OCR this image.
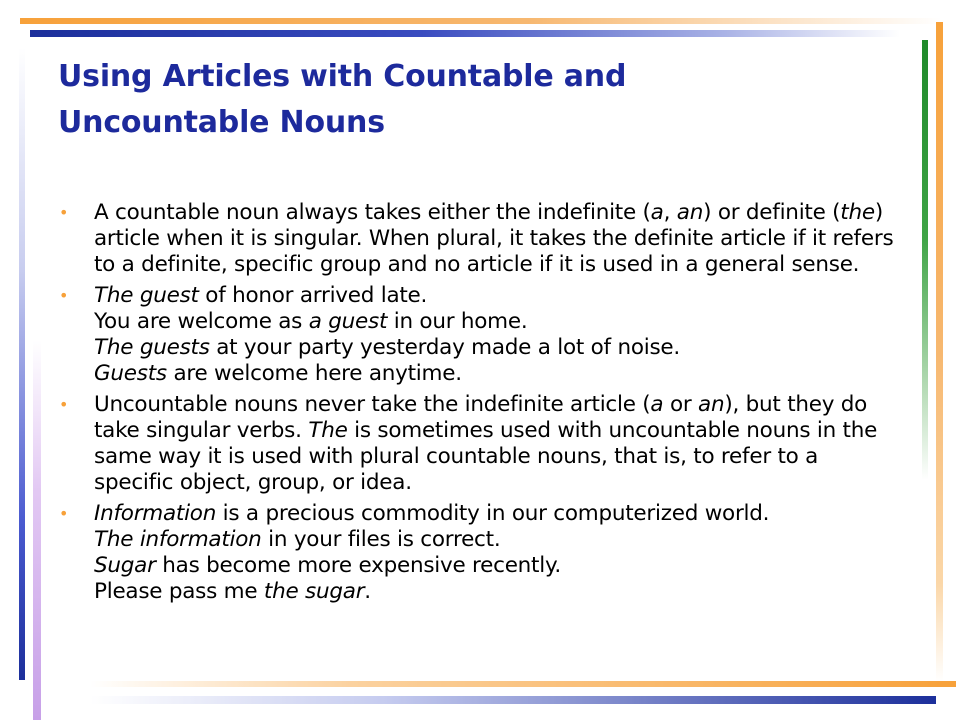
Using Articles with Countable and
Uncountable Nouns
• A countable noun always takes either the indefinite (a, an) or definite (the) article when it is singular. When plural, it takes the definite article if it refers to a definite, specific group and no article if it is used in a general sense.
• The guest of honor arrived late.
You are welcome as a guest in our home.
The guests at your party yesterday made a lot of noise.
Guests are welcome here anytime.
• Uncountable nouns never take the indefinite article (a or an), but they do take singular verbs. The is sometimes used with uncountable nouns in the same way it is used with plural countable nouns, that is, to refer to a specific object, group, or idea.
• Information is a precious commodity in our computerized world.
The information in your files is correct.
Sugar has become more expensive recently.
Please pass me the sugar.
